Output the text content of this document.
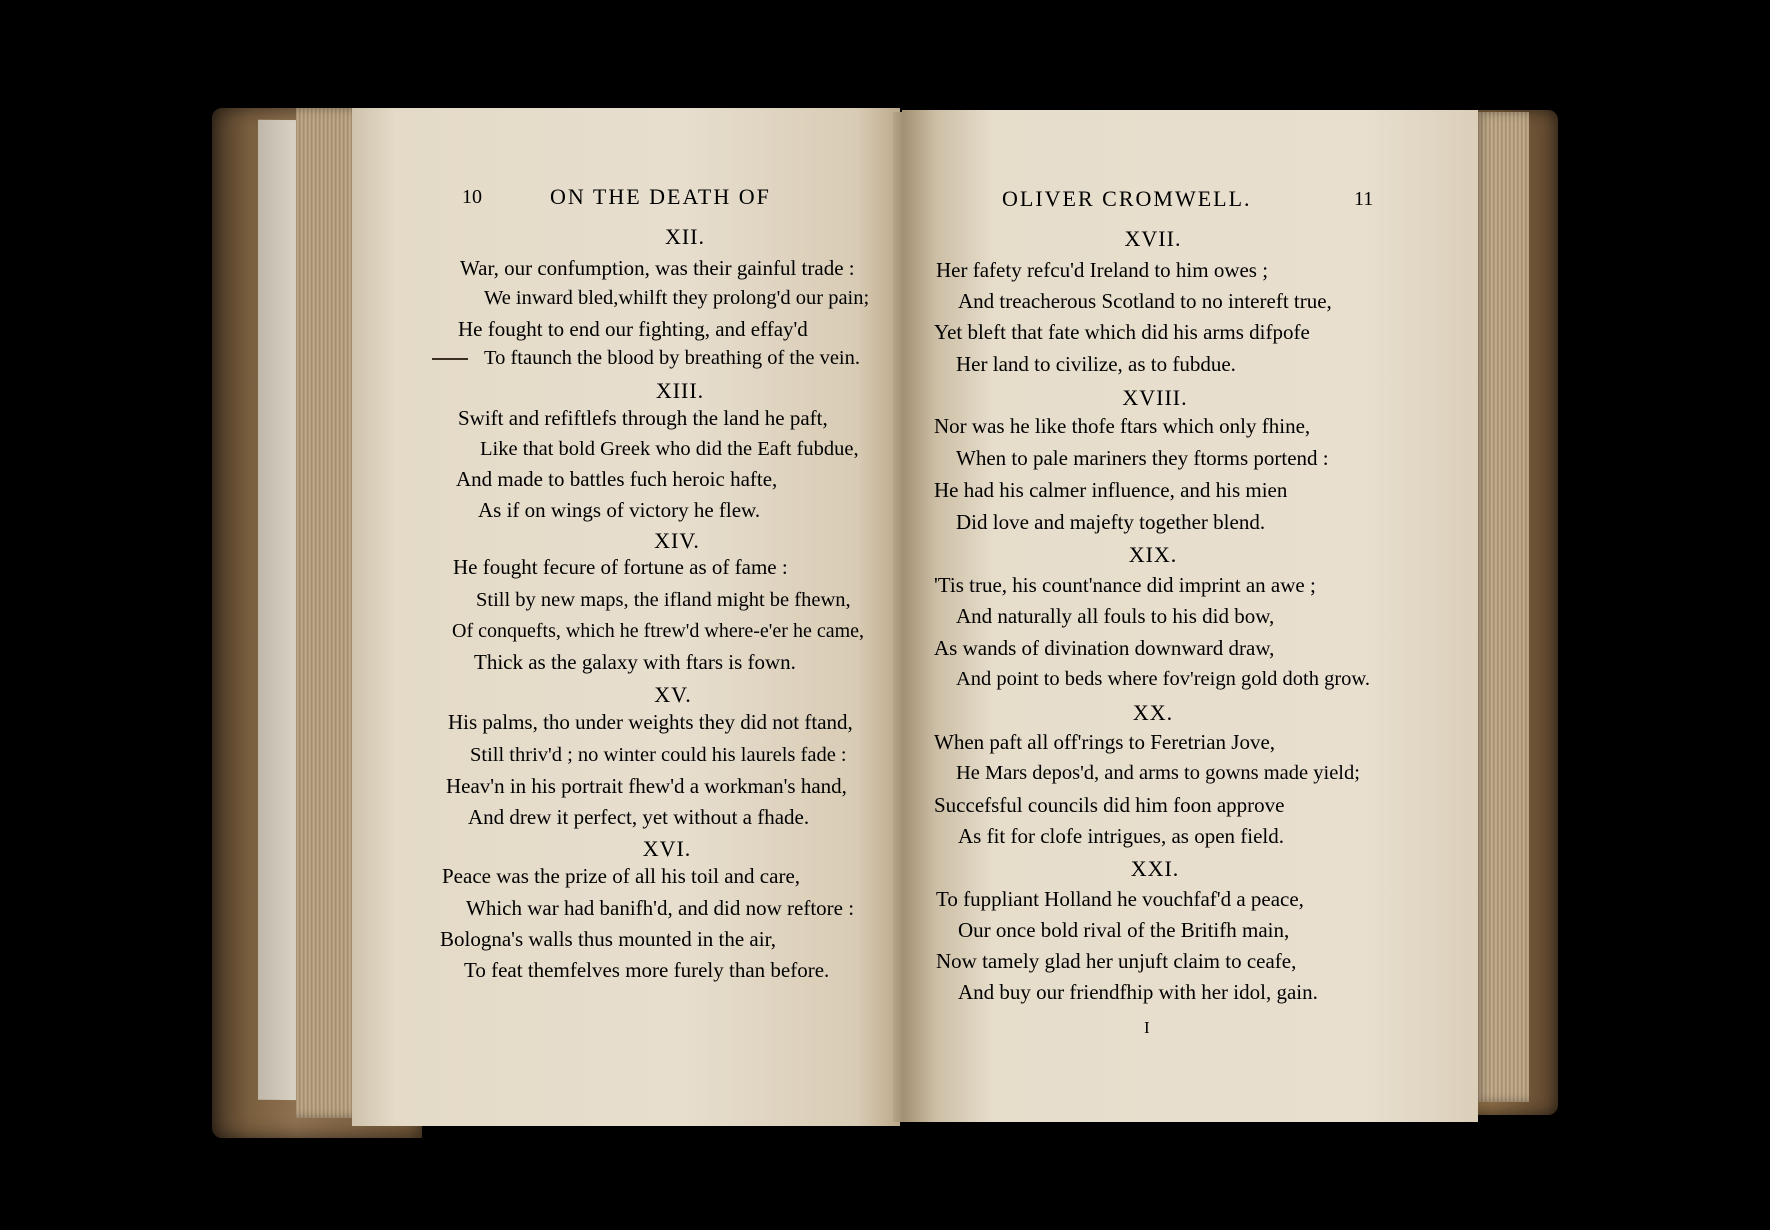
10	ON THE DEATH OF
XII.
War, our confumption, was their gainful trade :
We inward bled,whilft they prolong'd our pain;
He fought to end our fighting, and effay'd
To ftaunch the blood by breathing of the vein.
XIII.
Swift and refiftlefs through the land he paft,
Like that bold Greek who did the Eaft fubdue,
And made to battles fuch heroic hafte,
As if on wings of victory he flew.
XIV.
He fought fecure of fortune as of fame :
Still by new maps, the ifland might be fhewn,
Of conquefts, which he ftrew'd where-e'er he came,
Thick as the galaxy with ftars is fown.
XV.
His palms, tho under weights they did not ftand,
Still thriv'd ; no winter could his laurels fade :
Heav'n in his portrait fhew'd a workman's hand,
And drew it perfect, yet without a fhade.
XVI.
Peace was the prize of all his toil and care,
Which war had banifh'd, and did now reftore :
Bologna's walls thus mounted in the air,
To feat themfelves more furely than before.
OLIVER CROMWELL.	11
XVII.
Her fafety refcu'd Ireland to him owes ;
And treacherous Scotland to no intereft true,
Yet bleft that fate which did his arms difpofe
Her land to civilize, as to fubdue.
XVIII.
Nor was he like thofe ftars which only fhine,
When to pale mariners they ftorms portend :
He had his calmer influence, and his mien
Did love and majefty together blend.
XIX.
'Tis true, his count'nance did imprint an awe ;
And naturally all fouls to his did bow,
As wands of divination downward draw,
And point to beds where fov'reign gold doth grow.
XX.
When paft all off'rings to Feretrian Jove,
He Mars depos'd, and arms to gowns made yield;
Succefsful councils did him foon approve
As fit for clofe intrigues, as open field.
XXI.
To fuppliant Holland he vouchfaf'd a peace,
Our once bold rival of the Britifh main,
Now tamely glad her unjuft claim to ceafe,
And buy our friendfhip with her idol, gain.
I
